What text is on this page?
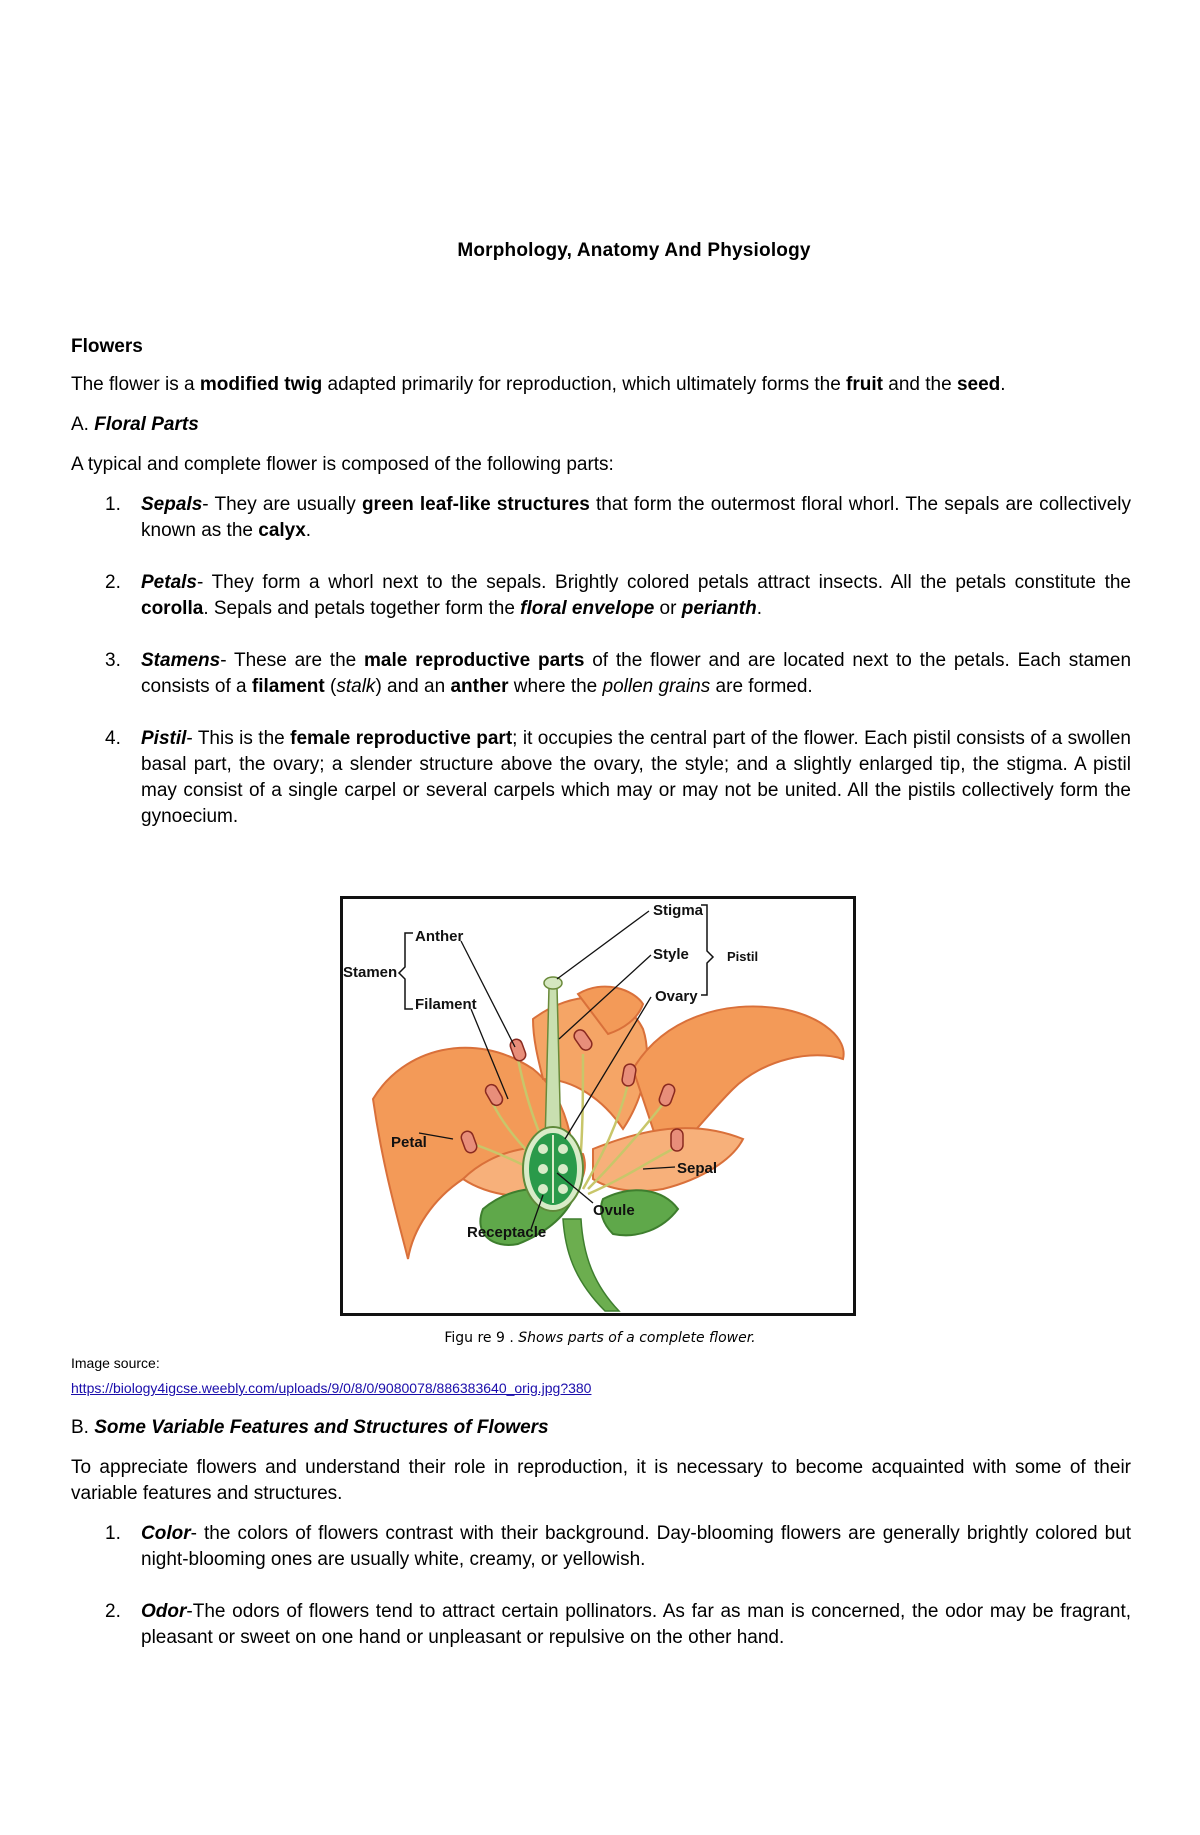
Morphology, Anatomy And Physiology
Flowers

The flower is a modified twig adapted primarily for reproduction, which ultimately forms the fruit and the seed.

A. Floral Parts

A typical and complete flower is composed of the following parts:

1. Sepals- They are usually green leaf-like structures that form the outermost floral whorl. The sepals are collectively known as the calyx.
2. Petals- They form a whorl next to the sepals. Brightly colored petals attract insects. All the petals constitute the corolla. Sepals and petals together form the floral envelope or perianth.
3. Stamens- These are the male reproductive parts of the flower and are located next to the petals. Each stamen consists of a filament (stalk) and an anther where the pollen grains are formed.
4. Pistil- This is the female reproductive part; it occupies the central part of the flower. Each pistil consists of a swollen basal part, the ovary; a slender structure above the ovary, the style; and a slightly enlarged tip, the stigma. A pistil may consist of a single carpel or several carpels which may or may not be united. All the pistils collectively form the gynoecium.
Stigma
Style
Ovary
Pistil
Anther
Stamen
Filament
Petal
Sepal
Ovule
Receptacle
Figu re 9 . Shows parts of a complete flower.
Image source:
https://biology4igcse.weebly.com/uploads/9/0/8/0/9080078/886383640_orig.jpg?380

B. Some Variable Features and Structures of Flowers

To appreciate flowers and understand their role in reproduction, it is necessary to become acquainted with some of their variable features and structures.

1. Color- the colors of flowers contrast with their background. Day-blooming flowers are generally brightly colored but night-blooming ones are usually white, creamy, or yellowish.
2. Odor-The odors of flowers tend to attract certain pollinators. As far as man is concerned, the odor may be fragrant, pleasant or sweet on one hand or unpleasant or repulsive on the other hand.
